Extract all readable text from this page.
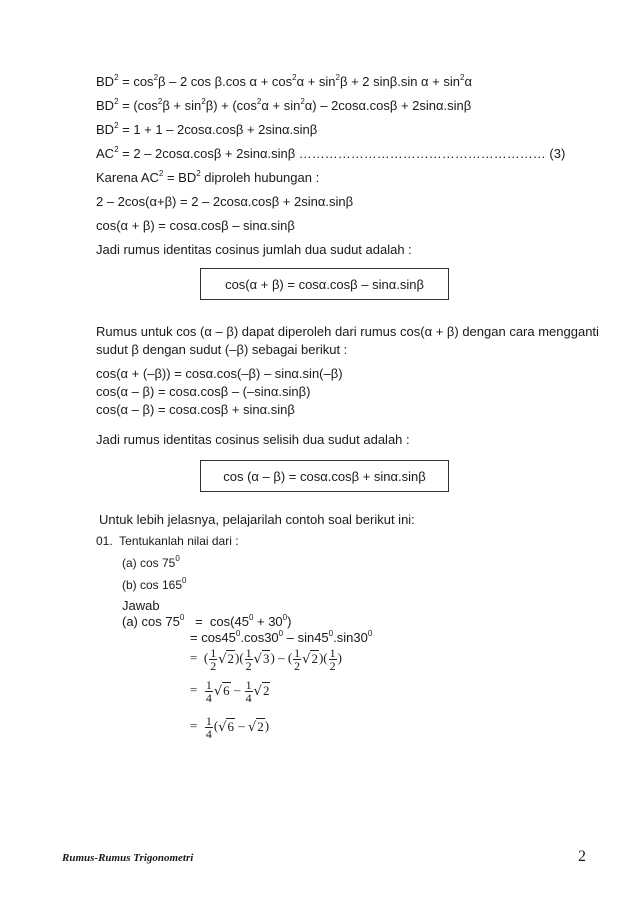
$BD^2 = \cos^2\beta - 2$ cos β.cos $\alpha + \cos^2\alpha + \sin^2\beta + 2$ sinβ.sin $\alpha + \sin^2\alpha$
$BD^2 = (\cos^2\beta + \sin^2\beta) + (\cos^2\alpha + \sin^2\alpha) - 2\cos\alpha.\cos\beta + 2\sin\alpha.\sin\beta$
$BD^2 = 1 + 1 - 2\cos\alpha.\cos\beta + 2\sin\alpha.\sin\beta$
$AC^2 = 2 - 2\cos\alpha.\cos\beta + 2\sin\alpha.\sin\beta$ ………………………………………………… (3)
Karena $AC^2 = BD^2$ diproleh hubungan :
2 – 2cos(α+β) = 2 – 2cosα.cosβ + 2sinα.sinβ
cos(α + β) = cosα.cosβ – sinα.sinβ
Jadi rumus identitas cosinus jumlah dua sudut adalah :
cos(α + β) = cosα.cosβ – sinα.sinβ
Rumus untuk cos (α – β) dapat diperoleh dari rumus cos(α + β) dengan cara mengganti
sudut β dengan sudut (–β) sebagai berikut :
cos(α + (–β)) = cosα.cos(–β) – sinα.sin(–β)
cos(α – β) = cosα.cosβ – (–sinα.sinβ)
cos(α – β) = cosα.cosβ + sinα.sinβ
Jadi rumus identitas cosinus selisih dua sudut adalah :
cos (α – β) = cosα.cosβ + sinα.sinβ
Untuk lebih jelasnya, pelajarilah contoh soal berikut ini:
01. Tentukanlah nilai dari :
(a) $\cos 75^0$
(b) $\cos 165^0$
Jawab
(a) $\cos 75^0 = \cos(45^0 + 30^0)$
= $\cos 45^0.\cos 30^0 - \sin 45^0.\sin 30^0$
= ( $\frac{1}{2} √2)( \frac{1}{2} √3)$ – ( $\frac{1}{2} √2)( \frac{1}{2}$ )
= $\frac{1}{4} √6 - \frac{1}{4} √2$
= $\frac{1}{4} (√6 - √2)$
Rumus-Rumus Trigonometri	2
